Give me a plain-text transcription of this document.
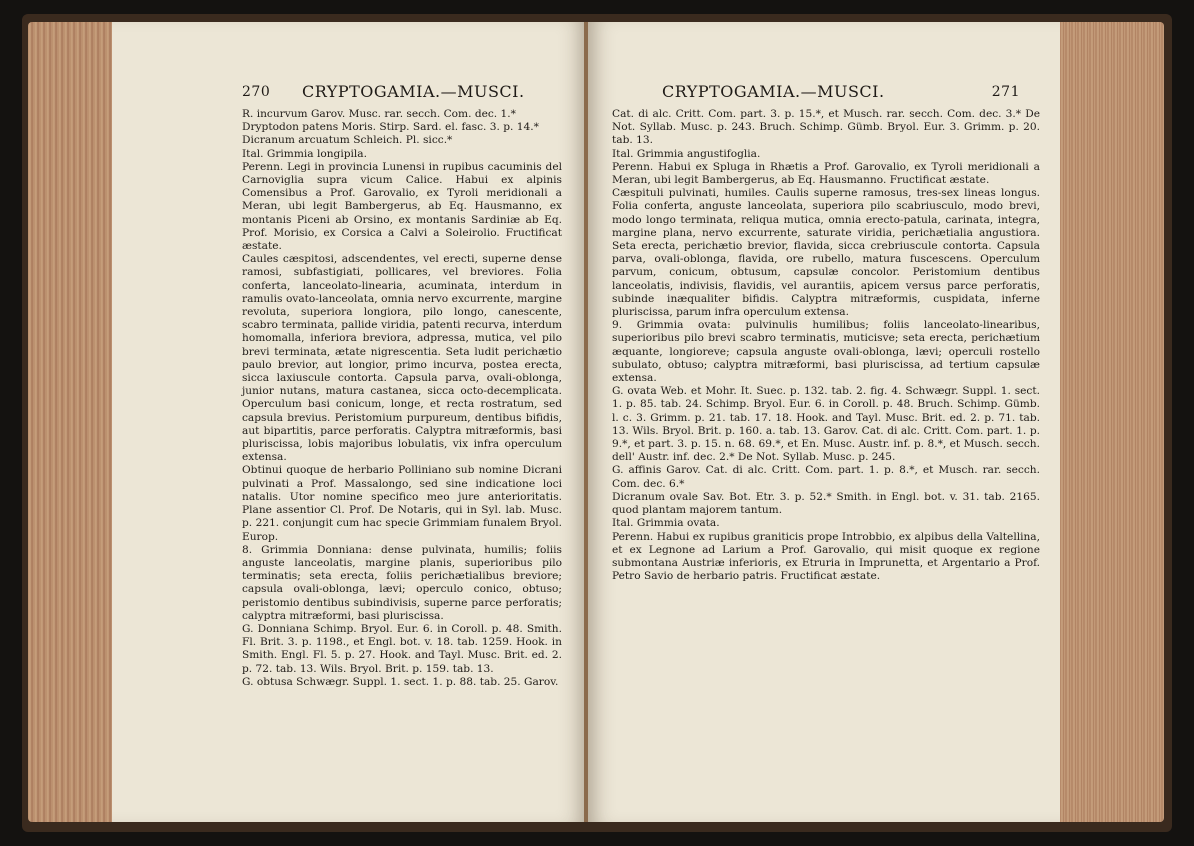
270 CRYPTOGAMIA.—MUSCI.

R. incurvum Garov. Musc. rar. secch. Com. dec. 1.*

Dryptodon patens Moris. Stirp. Sard. el. fasc. 3. p. 14.*

Dicranum arcuatum Schleich. Pl. sicc.*

Ital. Grimmia longipila.

Perenn. Legi in provincia Lunensi in rupibus cacuminis del Carnoviglia supra vicum Calice. Habui ex alpinis Comensibus a Prof. Garovalio, ex Tyroli meridionali a Meran, ubi legit Bambergerus, ab Eq. Hausmanno, ex montanis Piceni ab Orsino, ex montanis Sardiniæ ab Eq. Prof. Morisio, ex Corsica a Calvi a Soleirolio. Fructificat æstate.

Caules cæspitosi, adscendentes, vel erecti, superne dense ramosi, subfastigiati, pollicares, vel breviores. Folia conferta, lanceolato-linearia, acuminata, interdum in ramulis ovato-lanceolata, omnia nervo excurrente, margine revoluta, superiora longiora, pilo longo, canescente, scabro terminata, pallide viridia, patenti recurva, interdum homomalla, inferiora breviora, adpressa, mutica, vel pilo brevi terminata, ætate nigrescentia. Seta ludit perichætio paulo brevior, aut longior, primo incurva, postea erecta, sicca laxiuscule contorta. Capsula parva, ovali-oblonga, junior nutans, matura castanea, sicca octo-decemplicata. Operculum basi conicum, longe, et recta rostratum, sed capsula brevius. Peristomium purpureum, dentibus bifidis, aut bipartitis, parce perforatis. Calyptra mitræformis, basi pluriscissa, lobis majoribus lobulatis, vix infra operculum extensa.

Obtinui quoque de herbario Polliniano sub nomine Dicrani pulvinati a Prof. Massalongo, sed sine indicatione loci natalis. Utor nomine specifico meo jure anterioritatis. Plane assentior Cl. Prof. De Notaris, qui in Syl. lab. Musc. p. 221. conjungit cum hac specie Grimmiam funalem Bryol. Europ.

8. Grimmia Donniana: dense pulvinata, humilis; foliis anguste lanceolatis, margine planis, superioribus pilo terminatis; seta erecta, foliis perichætialibus breviore; capsula ovali-oblonga, lævi; operculo conico, obtuso; peristomio dentibus subindivisis, superne parce perforatis; calyptra mitræformi, basi pluriscissa.

G. Donniana Schimp. Bryol. Eur. 6. in Coroll. p. 48. Smith. Fl. Brit. 3. p. 1198., et Engl. bot. v. 18. tab. 1259. Hook. in Smith. Engl. Fl. 5. p. 27. Hook. and Tayl. Musc. Brit. ed. 2. p. 72. tab. 13. Wils. Bryol. Brit. p. 159. tab. 13.

G. obtusa Schwægr. Suppl. 1. sect. 1. p. 88. tab. 25. Garov.

CRYPTOGAMIA.—MUSCI.	271

Cat. di alc. Critt. Com. part. 3. p. 15.*, et Musch. rar. secch. Com. dec. 3.* De Not. Syllab. Musc. p. 243. Bruch. Schimp. Gümb. Bryol. Eur. 3. Grimm. p. 20. tab. 13.

Ital. Grimmia angustifoglia.

Perenn. Habui ex Spluga in Rhætis a Prof. Garovalio, ex Tyroli meridionali a Meran, ubi legit Bambergerus, ab Eq. Hausmanno. Fructificat æstate.

Cæspituli pulvinati, humiles. Caulis superne ramosus, tres-sex lineas longus. Folia conferta, anguste lanceolata, superiora pilo scabriusculo, modo brevi, modo longo terminata, reliqua mutica, omnia erecto-patula, carinata, integra, margine plana, nervo excurrente, saturate viridia, perichætialia angustiora. Seta erecta, perichætio brevior, flavida, sicca crebriuscule contorta. Capsula parva, ovali-oblonga, flavida, ore rubello, matura fuscescens. Operculum parvum, conicum, obtusum, capsulæ concolor. Peristomium dentibus lanceolatis, indivisis, flavidis, vel aurantiis, apicem versus parce perforatis, subinde inæqualiter bifidis. Calyptra mitræformis, cuspidata, inferne pluriscissa, parum infra operculum extensa.

9. Grimmia ovata: pulvinulis humilibus; foliis lanceolato-linearibus, superioribus pilo brevi scabro terminatis, muticisve; seta erecta, perichætium æquante, longioreve; capsula anguste ovali-oblonga, lævi; operculi rostello subulato, obtuso; calyptra mitræformi, basi pluriscissa, ad tertium capsulæ extensa.

G. ovata Web. et Mohr. It. Suec. p. 132. tab. 2. fig. 4. Schwægr. Suppl. 1. sect. 1. p. 85. tab. 24. Schimp. Bryol. Eur. 6. in Coroll. p. 48. Bruch. Schimp. Gümb. l. c. 3. Grimm. p. 21. tab. 17. 18. Hook. and Tayl. Musc. Brit. ed. 2. p. 71. tab. 13. Wils. Bryol. Brit. p. 160. a. tab. 13. Garov. Cat. di alc. Critt. Com. part. 1. p. 9.*, et part. 3. p. 15. n. 68. 69.*, et En. Musc. Austr. inf. p. 8.*, et Musch. secch. dell' Austr. inf. dec. 2.* De Not. Syllab. Musc. p. 245.

G. affinis Garov. Cat. di alc. Critt. Com. part. 1. p. 8.*, et Musch. rar. secch. Com. dec. 6.*

Dicranum ovale Sav. Bot. Etr. 3. p. 52.* Smith. in Engl. bot. v. 31. tab. 2165. quod plantam majorem tantum.

Ital. Grimmia ovata.

Perenn. Habui ex rupibus graniticis prope Introbbio, ex alpibus della Valtellina, et ex Legnone ad Larium a Prof. Garovalio, qui misit quoque ex regione submontana Austriæ inferioris, ex Etruria in Imprunetta, et Argentario a Prof. Petro Savio de herbario patris. Fructificat æstate.
